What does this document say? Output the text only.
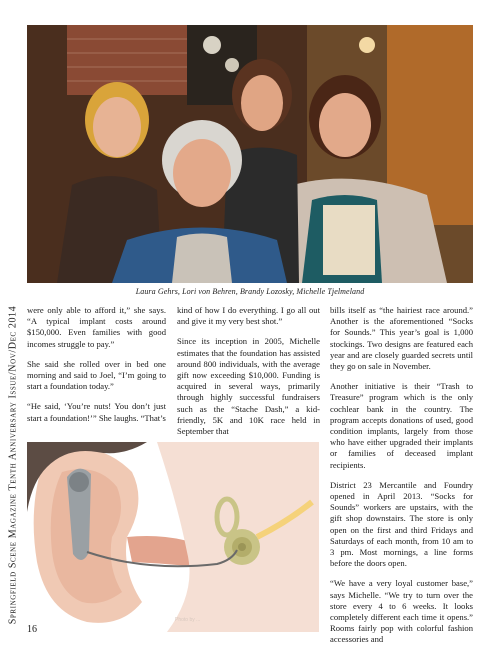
Laura Gehrs, Lori von Behren, Brandy Lozosky, Michelle Tjelmeland
Springfield Scene Magazine Tenth Anniversary Issue/Nov/Dec 2014 were only able to afford it,” she says. “A typical implant costs around $150,000. Even families with good incomes struggle to pay.”

She said she rolled over in bed one morning and said to Joel, “I’m going to start a foundation today.”

“He said, ‘You’re nuts! You don’t just start a foundation!’” She laughs. “That’s

kind of how I do everything. I go all out and give it my very best shot.”

Since its inception in 2005, Michelle estimates that the foundation has assisted around 800 individuals, with the average gift now exceeding $10,000. Funding is acquired in several ways, primarily through highly successful fundraisers such as the “Stache Dash,” a kid-friendly, 5K and 10K race held in September that

bills itself as “the hairiest race around.” Another is the aforementioned “Socks for Sounds.” This year’s goal is 1,000 stockings. Two designs are featured each year and are closely guarded secrets until they go on sale in November.

Another initiative is their “Trash to Treasure” program which is the only cochlear bank in the country. The program accepts donations of used, good condition implants, largely from those who have either upgraded their implants or families of deceased implant recipients.

District 23 Mercantile and Foundry opened in April 2013. “Socks for Sounds” workers are upstairs, with the gift shop downstairs. The store is only open on the first and third Fridays and Saturdays of each month, from 10 am to 3 pm. Most mornings, a line forms before the doors open.

“We have a very loyal customer base,” says Michelle. “We try to turn over the store every 4 to 6 weeks. It looks completely different each time it opens.” Rooms fairly pop with colorful fashion accessories and

Photo by ...
16
